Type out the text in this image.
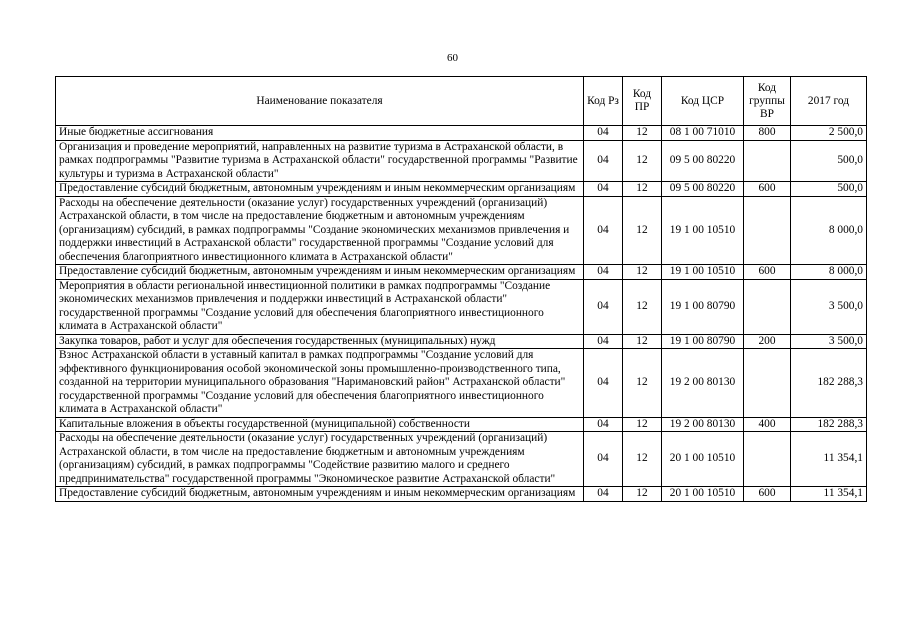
60
Наименование показателя	Код Рз	Код ПР	Код ЦСР	Код группы ВР	2017 год
Иные бюджетные ассигнования	04	12	08 1 00 71010	800	2 500,0
Организация и проведение мероприятий, направленных на развитие туризма в Астраханской области, в рамках подпрограммы "Развитие туризма в Астраханской области" государственной программы "Развитие культуры и туризма в Астраханской области"	04	12	09 5 00 80220		500,0
Предоставление субсидий бюджетным, автономным учреждениям и иным некоммерческим организациям	04	12	09 5 00 80220	600	500,0
Расходы на обеспечение деятельности (оказание услуг) государственных учреждений (организаций) Астраханской области, в том числе на предоставление бюджетным и автономным учреждениям (организациям) субсидий, в рамках подпрограммы "Создание экономических механизмов привлечения и поддержки инвестиций в Астраханской области" государственной программы "Создание условий для обеспечения благоприятного инвестиционного климата в Астраханской области"	04	12	19 1 00 10510		8 000,0
Предоставление субсидий бюджетным, автономным учреждениям и иным некоммерческим организациям	04	12	19 1 00 10510	600	8 000,0
Мероприятия в области региональной инвестиционной политики в рамках подпрограммы "Создание экономических механизмов привлечения и поддержки инвестиций в Астраханской области" государственной программы "Создание условий для обеспечения благоприятного инвестиционного климата в Астраханской области"	04	12	19 1 00 80790		3 500,0
Закупка товаров, работ и услуг для обеспечения государственных (муниципальных) нужд	04	12	19 1 00 80790	200	3 500,0
Взнос Астраханской области в уставный капитал в рамках подпрограммы "Создание условий для эффективного функционирования особой экономической зоны промышленно-производственного типа, созданной на территории муниципального образования "Наримановский район" Астраханской области" государственной программы "Создание условий для обеспечения благоприятного инвестиционного климата в Астраханской области"	04	12	19 2 00 80130		182 288,3
Капитальные вложения в объекты государственной (муниципальной) собственности	04	12	19 2 00 80130	400	182 288,3
Расходы на обеспечение деятельности (оказание услуг) государственных учреждений (организаций) Астраханской области, в том числе на предоставление бюджетным и автономным учреждениям (организациям) субсидий, в рамках подпрограммы "Содействие развитию малого и среднего предпринимательства" государственной программы "Экономическое развитие Астраханской области"	04	12	20 1 00 10510		11 354,1
Предоставление субсидий бюджетным, автономным учреждениям и иным некоммерческим организациям	04	12	20 1 00 10510	600	11 354,1
